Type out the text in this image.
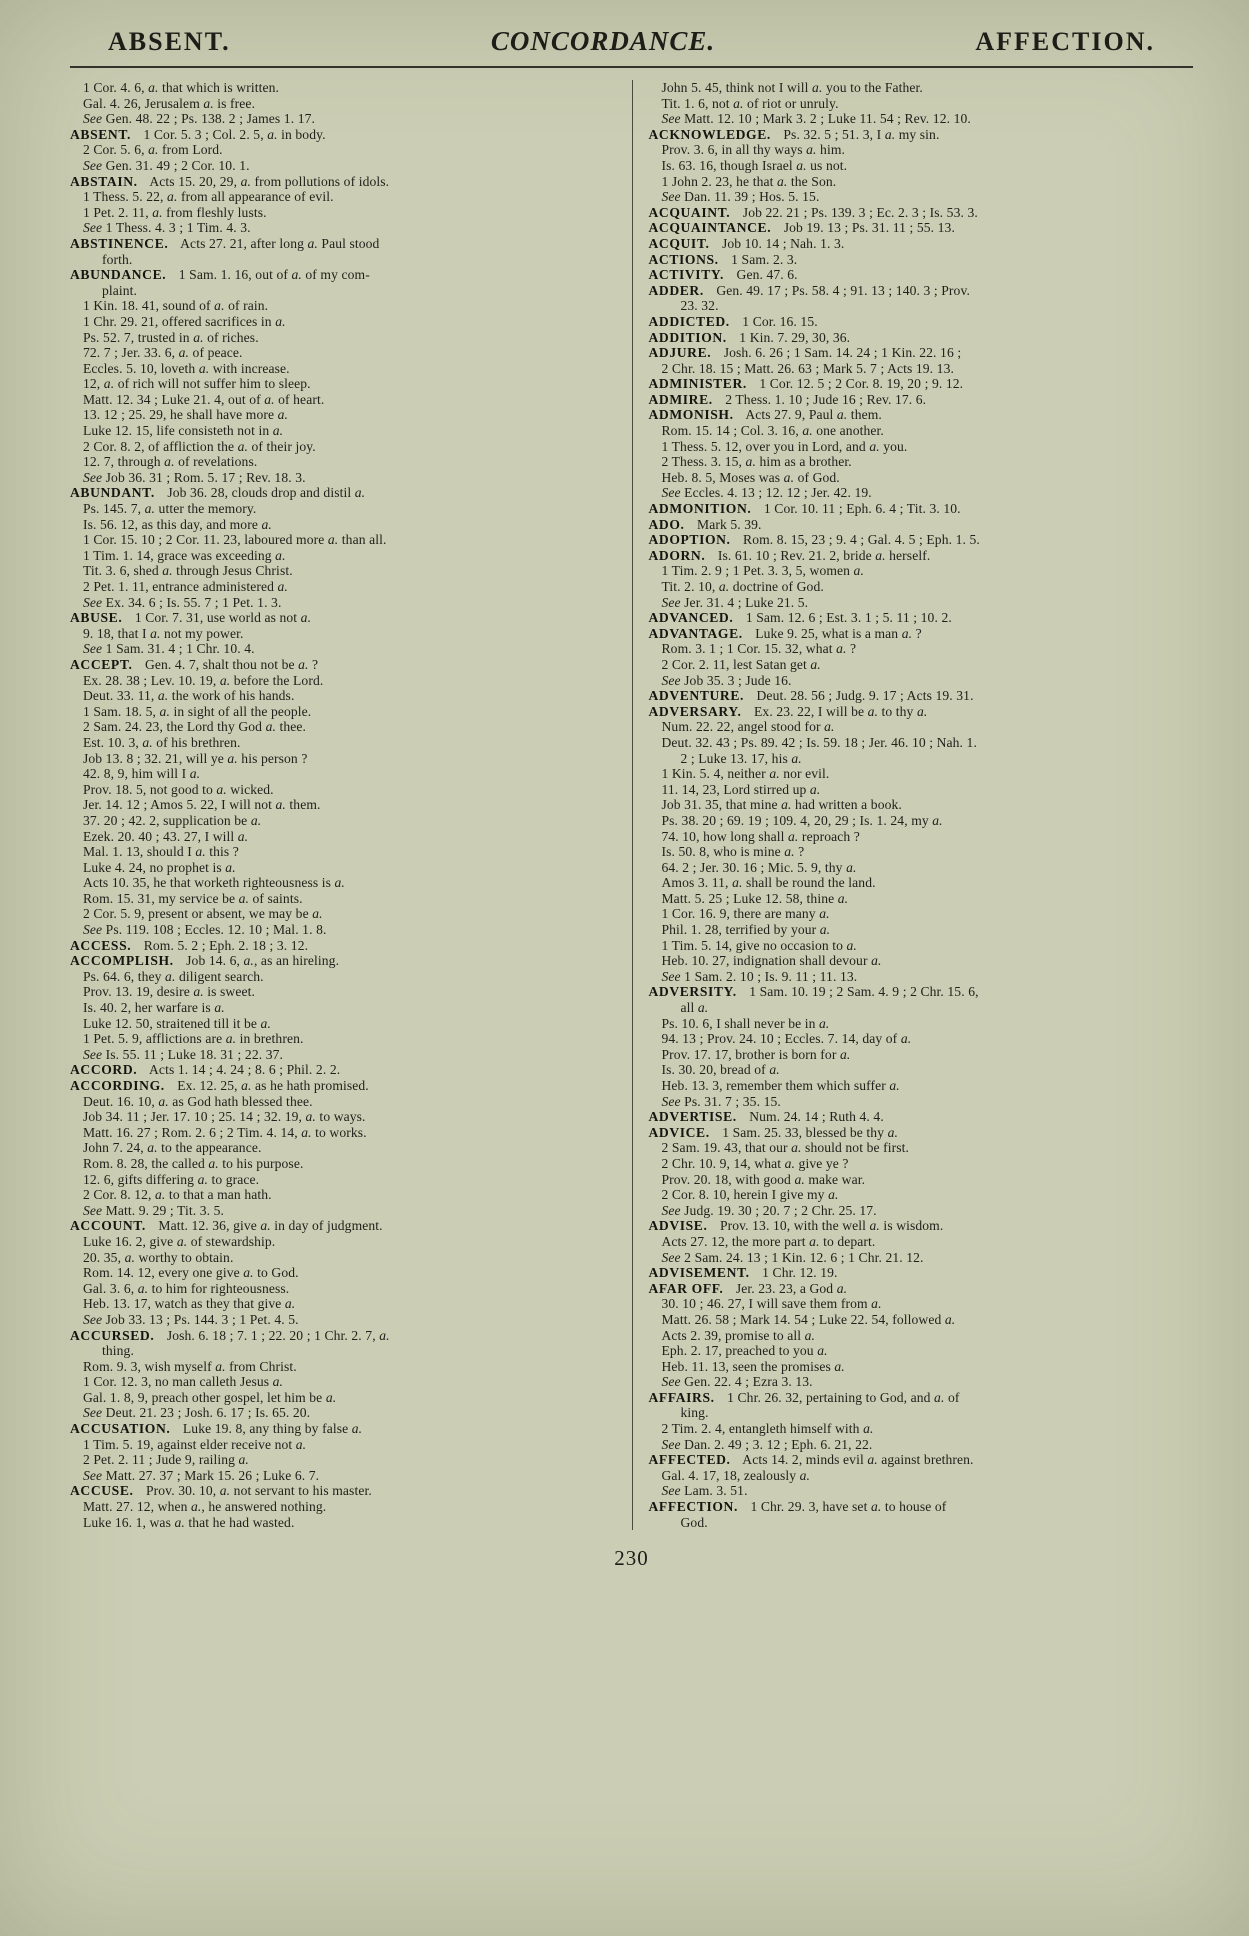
ABSENT.	CONCORDANCE.	AFFECTION.
1 Cor. 4. 6, a. that which is written.
Gal. 4. 26, Jerusalem a. is free.
See Gen. 48. 22 ; Ps. 138. 2 ; James 1. 17.
ABSENT. 1 Cor. 5. 3 ; Col. 2. 5, a. in body.
2 Cor. 5. 6, a. from Lord.
See Gen. 31. 49 ; 2 Cor. 10. 1.
ABSTAIN. Acts 15. 20, 29, a. from pollutions of idols.
1 Thess. 5. 22, a. from all appearance of evil.
1 Pet. 2. 11, a. from fleshly lusts.
See 1 Thess. 4. 3 ; 1 Tim. 4. 3.
ABSTINENCE. Acts 27. 21, after long a. Paul stood
forth.
ABUNDANCE. 1 Sam. 1. 16, out of a. of my com-
plaint.
1 Kin. 18. 41, sound of a. of rain.
1 Chr. 29. 21, offered sacrifices in a.
Ps. 52. 7, trusted in a. of riches.
72. 7 ; Jer. 33. 6, a. of peace.
Eccles. 5. 10, loveth a. with increase.
12, a. of rich will not suffer him to sleep.
Matt. 12. 34 ; Luke 21. 4, out of a. of heart.
13. 12 ; 25. 29, he shall have more a.
Luke 12. 15, life consisteth not in a.
2 Cor. 8. 2, of affliction the a. of their joy.
12. 7, through a. of revelations.
See Job 36. 31 ; Rom. 5. 17 ; Rev. 18. 3.
ABUNDANT. Job 36. 28, clouds drop and distil a.
Ps. 145. 7, a. utter the memory.
Is. 56. 12, as this day, and more a.
1 Cor. 15. 10 ; 2 Cor. 11. 23, laboured more a. than all.
1 Tim. 1. 14, grace was exceeding a.
Tit. 3. 6, shed a. through Jesus Christ.
2 Pet. 1. 11, entrance administered a.
See Ex. 34. 6 ; Is. 55. 7 ; 1 Pet. 1. 3.
ABUSE. 1 Cor. 7. 31, use world as not a.
9. 18, that I a. not my power.
See 1 Sam. 31. 4 ; 1 Chr. 10. 4.
ACCEPT. Gen. 4. 7, shalt thou not be a. ?
Ex. 28. 38 ; Lev. 10. 19, a. before the Lord.
Deut. 33. 11, a. the work of his hands.
1 Sam. 18. 5, a. in sight of all the people.
2 Sam. 24. 23, the Lord thy God a. thee.
Est. 10. 3, a. of his brethren.
Job 13. 8 ; 32. 21, will ye a. his person ?
42. 8, 9, him will I a.
Prov. 18. 5, not good to a. wicked.
Jer. 14. 12 ; Amos 5. 22, I will not a. them.
37. 20 ; 42. 2, supplication be a.
Ezek. 20. 40 ; 43. 27, I will a.
Mal. 1. 13, should I a. this ?
Luke 4. 24, no prophet is a.
Acts 10. 35, he that worketh righteousness is a.
Rom. 15. 31, my service be a. of saints.
2 Cor. 5. 9, present or absent, we may be a.
See Ps. 119. 108 ; Eccles. 12. 10 ; Mal. 1. 8.
ACCESS. Rom. 5. 2 ; Eph. 2. 18 ; 3. 12.
ACCOMPLISH. Job 14. 6, a., as an hireling.
Ps. 64. 6, they a. diligent search.
Prov. 13. 19, desire a. is sweet.
Is. 40. 2, her warfare is a.
Luke 12. 50, straitened till it be a.
1 Pet. 5. 9, afflictions are a. in brethren.
See Is. 55. 11 ; Luke 18. 31 ; 22. 37.
ACCORD. Acts 1. 14 ; 4. 24 ; 8. 6 ; Phil. 2. 2.
ACCORDING. Ex. 12. 25, a. as he hath promised.
Deut. 16. 10, a. as God hath blessed thee.
Job 34. 11 ; Jer. 17. 10 ; 25. 14 ; 32. 19, a. to ways.
Matt. 16. 27 ; Rom. 2. 6 ; 2 Tim. 4. 14, a. to works.
John 7. 24, a. to the appearance.
Rom. 8. 28, the called a. to his purpose.
12. 6, gifts differing a. to grace.
2 Cor. 8. 12, a. to that a man hath.
See Matt. 9. 29 ; Tit. 3. 5.
ACCOUNT. Matt. 12. 36, give a. in day of judgment.
Luke 16. 2, give a. of stewardship.
20. 35, a. worthy to obtain.
Rom. 14. 12, every one give a. to God.
Gal. 3. 6, a. to him for righteousness.
Heb. 13. 17, watch as they that give a.
See Job 33. 13 ; Ps. 144. 3 ; 1 Pet. 4. 5.
ACCURSED. Josh. 6. 18 ; 7. 1 ; 22. 20 ; 1 Chr. 2. 7, a.
thing.
Rom. 9. 3, wish myself a. from Christ.
1 Cor. 12. 3, no man calleth Jesus a.
Gal. 1. 8, 9, preach other gospel, let him be a.
See Deut. 21. 23 ; Josh. 6. 17 ; Is. 65. 20.
ACCUSATION. Luke 19. 8, any thing by false a.
1 Tim. 5. 19, against elder receive not a.
2 Pet. 2. 11 ; Jude 9, railing a.
See Matt. 27. 37 ; Mark 15. 26 ; Luke 6. 7.
ACCUSE. Prov. 30. 10, a. not servant to his master.
Matt. 27. 12, when a., he answered nothing.
Luke 16. 1, was a. that he had wasted.
John 5. 45, think not I will a. you to the Father.
Tit. 1. 6, not a. of riot or unruly.
See Matt. 12. 10 ; Mark 3. 2 ; Luke 11. 54 ; Rev. 12. 10.
ACKNOWLEDGE. Ps. 32. 5 ; 51. 3, I a. my sin.
Prov. 3. 6, in all thy ways a. him.
Is. 63. 16, though Israel a. us not.
1 John 2. 23, he that a. the Son.
See Dan. 11. 39 ; Hos. 5. 15.
ACQUAINT. Job 22. 21 ; Ps. 139. 3 ; Ec. 2. 3 ; Is. 53. 3.
ACQUAINTANCE. Job 19. 13 ; Ps. 31. 11 ; 55. 13.
ACQUIT. Job 10. 14 ; Nah. 1. 3.
ACTIONS. 1 Sam. 2. 3.
ACTIVITY. Gen. 47. 6.
ADDER. Gen. 49. 17 ; Ps. 58. 4 ; 91. 13 ; 140. 3 ; Prov.
23. 32.
ADDICTED. 1 Cor. 16. 15.
ADDITION. 1 Kin. 7. 29, 30, 36.
ADJURE. Josh. 6. 26 ; 1 Sam. 14. 24 ; 1 Kin. 22. 16 ;
2 Chr. 18. 15 ; Matt. 26. 63 ; Mark 5. 7 ; Acts 19. 13.
ADMINISTER. 1 Cor. 12. 5 ; 2 Cor. 8. 19, 20 ; 9. 12.
ADMIRE. 2 Thess. 1. 10 ; Jude 16 ; Rev. 17. 6.
ADMONISH. Acts 27. 9, Paul a. them.
Rom. 15. 14 ; Col. 3. 16, a. one another.
1 Thess. 5. 12, over you in Lord, and a. you.
2 Thess. 3. 15, a. him as a brother.
Heb. 8. 5, Moses was a. of God.
See Eccles. 4. 13 ; 12. 12 ; Jer. 42. 19.
ADMONITION. 1 Cor. 10. 11 ; Eph. 6. 4 ; Tit. 3. 10.
ADO. Mark 5. 39.
ADOPTION. Rom. 8. 15, 23 ; 9. 4 ; Gal. 4. 5 ; Eph. 1. 5.
ADORN. Is. 61. 10 ; Rev. 21. 2, bride a. herself.
1 Tim. 2. 9 ; 1 Pet. 3. 3, 5, women a.
Tit. 2. 10, a. doctrine of God.
See Jer. 31. 4 ; Luke 21. 5.
ADVANCED. 1 Sam. 12. 6 ; Est. 3. 1 ; 5. 11 ; 10. 2.
ADVANTAGE. Luke 9. 25, what is a man a. ?
Rom. 3. 1 ; 1 Cor. 15. 32, what a. ?
2 Cor. 2. 11, lest Satan get a.
See Job 35. 3 ; Jude 16.
ADVENTURE. Deut. 28. 56 ; Judg. 9. 17 ; Acts 19. 31.
ADVERSARY. Ex. 23. 22, I will be a. to thy a.
Num. 22. 22, angel stood for a.
Deut. 32. 43 ; Ps. 89. 42 ; Is. 59. 18 ; Jer. 46. 10 ; Nah. 1.
2 ; Luke 13. 17, his a.
1 Kin. 5. 4, neither a. nor evil.
11. 14, 23, Lord stirred up a.
Job 31. 35, that mine a. had written a book.
Ps. 38. 20 ; 69. 19 ; 109. 4, 20, 29 ; Is. 1. 24, my a.
74. 10, how long shall a. reproach ?
Is. 50. 8, who is mine a. ?
64. 2 ; Jer. 30. 16 ; Mic. 5. 9, thy a.
Amos 3. 11, a. shall be round the land.
Matt. 5. 25 ; Luke 12. 58, thine a.
1 Cor. 16. 9, there are many a.
Phil. 1. 28, terrified by your a.
1 Tim. 5. 14, give no occasion to a.
Heb. 10. 27, indignation shall devour a.
See 1 Sam. 2. 10 ; Is. 9. 11 ; 11. 13.
ADVERSITY. 1 Sam. 10. 19 ; 2 Sam. 4. 9 ; 2 Chr. 15. 6,
all a.
Ps. 10. 6, I shall never be in a.
94. 13 ; Prov. 24. 10 ; Eccles. 7. 14, day of a.
Prov. 17. 17, brother is born for a.
Is. 30. 20, bread of a.
Heb. 13. 3, remember them which suffer a.
See Ps. 31. 7 ; 35. 15.
ADVERTISE. Num. 24. 14 ; Ruth 4. 4.
ADVICE. 1 Sam. 25. 33, blessed be thy a.
2 Sam. 19. 43, that our a. should not be first.
2 Chr. 10. 9, 14, what a. give ye ?
Prov. 20. 18, with good a. make war.
2 Cor. 8. 10, herein I give my a.
See Judg. 19. 30 ; 20. 7 ; 2 Chr. 25. 17.
ADVISE. Prov. 13. 10, with the well a. is wisdom.
Acts 27. 12, the more part a. to depart.
See 2 Sam. 24. 13 ; 1 Kin. 12. 6 ; 1 Chr. 21. 12.
ADVISEMENT. 1 Chr. 12. 19.
AFAR OFF. Jer. 23. 23, a God a.
30. 10 ; 46. 27, I will save them from a.
Matt. 26. 58 ; Mark 14. 54 ; Luke 22. 54, followed a.
Acts 2. 39, promise to all a.
Eph. 2. 17, preached to you a.
Heb. 11. 13, seen the promises a.
See Gen. 22. 4 ; Ezra 3. 13.
AFFAIRS. 1 Chr. 26. 32, pertaining to God, and a. of
king.
2 Tim. 2. 4, entangleth himself with a.
See Dan. 2. 49 ; 3. 12 ; Eph. 6. 21, 22.
AFFECTED. Acts 14. 2, minds evil a. against brethren.
Gal. 4. 17, 18, zealously a.
See Lam. 3. 51.
AFFECTION. 1 Chr. 29. 3, have set a. to house of
God.
230
